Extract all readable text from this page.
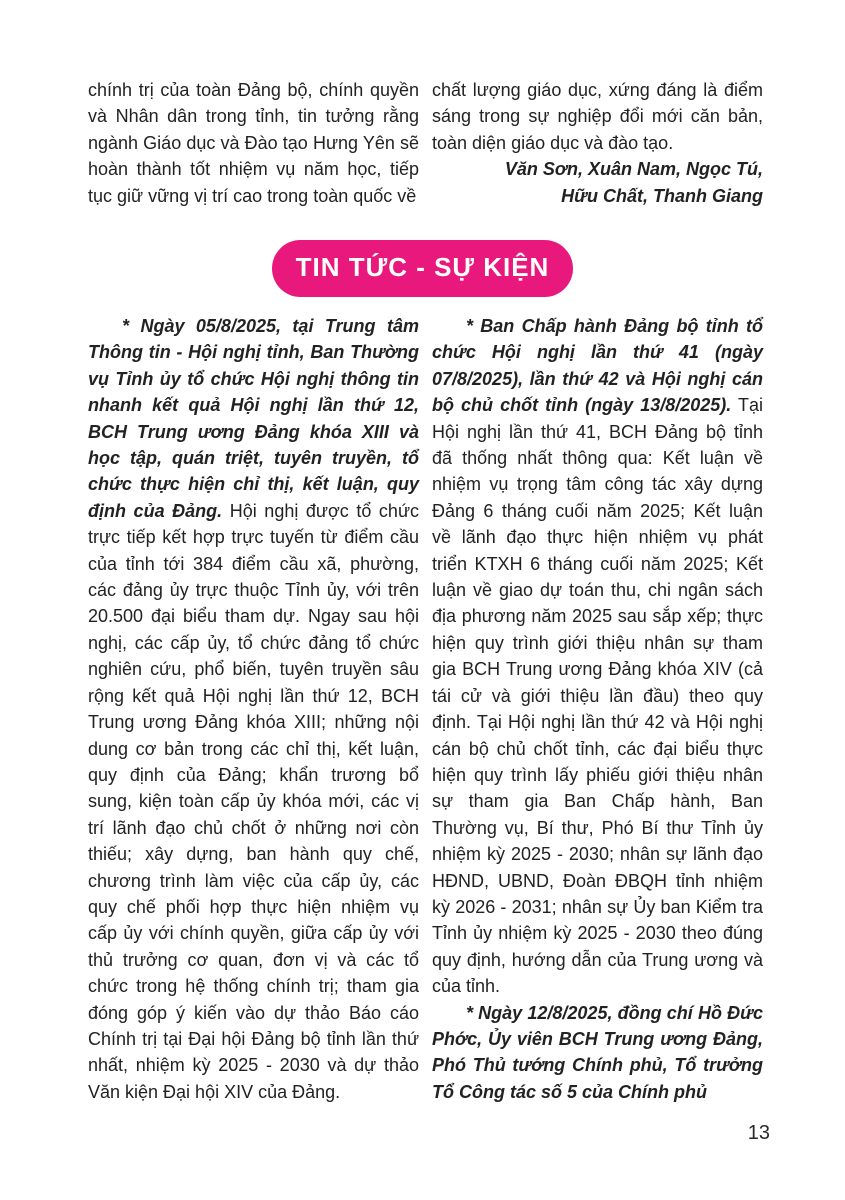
chính trị của toàn Đảng bộ, chính quyền và Nhân dân trong tỉnh, tin tưởng rằng ngành Giáo dục và Đào tạo Hưng Yên sẽ hoàn thành tốt nhiệm vụ năm học, tiếp tục giữ vững vị trí cao trong toàn quốc về

chất lượng giáo dục, xứng đáng là điểm sáng trong sự nghiệp đổi mới căn bản, toàn diện giáo dục và đào tạo.

Văn Sơn, Xuân Nam, Ngọc Tú,
Hữu Chất, Thanh Giang

TIN TỨC - SỰ KIỆN

* Ngày 05/8/2025, tại Trung tâm Thông tin - Hội nghị tỉnh, Ban Thường vụ Tỉnh ủy tổ chức Hội nghị thông tin nhanh kết quả Hội nghị lần thứ 12, BCH Trung ương Đảng khóa XIII và học tập, quán triệt, tuyên truyền, tổ chức thực hiện chỉ thị, kết luận, quy định của Đảng. Hội nghị được tổ chức trực tiếp kết hợp trực tuyến từ điểm cầu của tỉnh tới 384 điểm cầu xã, phường, các đảng ủy trực thuộc Tỉnh ủy, với trên 20.500 đại biểu tham dự. Ngay sau hội nghị, các cấp ủy, tổ chức đảng tổ chức nghiên cứu, phổ biến, tuyên truyền sâu rộng kết quả Hội nghị lần thứ 12, BCH Trung ương Đảng khóa XIII; những nội dung cơ bản trong các chỉ thị, kết luận, quy định của Đảng; khẩn trương bổ sung, kiện toàn cấp ủy khóa mới, các vị trí lãnh đạo chủ chốt ở những nơi còn thiếu; xây dựng, ban hành quy chế, chương trình làm việc của cấp ủy, các quy chế phối hợp thực hiện nhiệm vụ cấp ủy với chính quyền, giữa cấp ủy với thủ trưởng cơ quan, đơn vị và các tổ chức trong hệ thống chính trị; tham gia đóng góp ý kiến vào dự thảo Báo cáo Chính trị tại Đại hội Đảng bộ tỉnh lần thứ nhất, nhiệm kỳ 2025 - 2030 và dự thảo Văn kiện Đại hội XIV của Đảng.

* Ban Chấp hành Đảng bộ tỉnh tổ chức Hội nghị lần thứ 41 (ngày 07/8/2025), lần thứ 42 và Hội nghị cán bộ chủ chốt tỉnh (ngày 13/8/2025). Tại Hội nghị lần thứ 41, BCH Đảng bộ tỉnh đã thống nhất thông qua: Kết luận về nhiệm vụ trọng tâm công tác xây dựng Đảng 6 tháng cuối năm 2025; Kết luận về lãnh đạo thực hiện nhiệm vụ phát triển KTXH 6 tháng cuối năm 2025; Kết luận về giao dự toán thu, chi ngân sách địa phương năm 2025 sau sắp xếp; thực hiện quy trình giới thiệu nhân sự tham gia BCH Trung ương Đảng khóa XIV (cả tái cử và giới thiệu lần đầu) theo quy định. Tại Hội nghị lần thứ 42 và Hội nghị cán bộ chủ chốt tỉnh, các đại biểu thực hiện quy trình lấy phiếu giới thiệu nhân sự tham gia Ban Chấp hành, Ban Thường vụ, Bí thư, Phó Bí thư Tỉnh ủy nhiệm kỳ 2025 - 2030; nhân sự lãnh đạo HĐND, UBND, Đoàn ĐBQH tỉnh nhiệm kỳ 2026 - 2031; nhân sự Ủy ban Kiểm tra Tỉnh ủy nhiệm kỳ 2025 - 2030 theo đúng quy định, hướng dẫn của Trung ương và của tỉnh.

* Ngày 12/8/2025, đồng chí Hồ Đức Phớc, Ủy viên BCH Trung ương Đảng, Phó Thủ tướng Chính phủ, Tổ trưởng Tổ Công tác số 5 của Chính phủ

13
